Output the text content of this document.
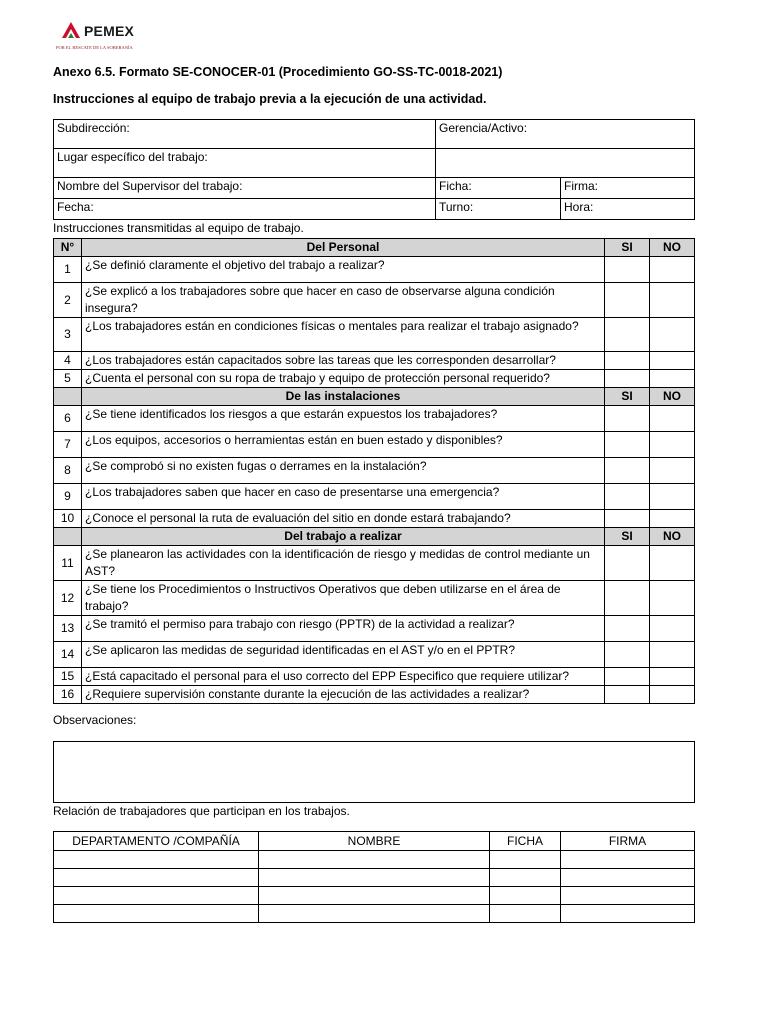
PEMEX
POR EL RESCATE DE LA SOBERANÍA
Anexo 6.5. Formato SE-CONOCER-01 (Procedimiento GO-SS-TC-0018-2021)
Instrucciones al equipo de trabajo previa a la ejecución de una actividad.
Subdirección:	Gerencia/Activo:	
Lugar específico del trabajo:		
Nombre del Supervisor del trabajo:	Ficha:	Firma:
Fecha:	Turno:	Hora:
Instrucciones transmitidas al equipo de trabajo.
N°	Del Personal	SI	NO
1	¿Se definió claramente el objetivo del trabajo a realizar?		
2	¿Se explicó a los trabajadores sobre que hacer en caso de observarse alguna condición insegura?		
3	¿Los trabajadores están en condiciones físicas o mentales para realizar el trabajo asignado?		
4	¿Los trabajadores están capacitados sobre las tareas que les corresponden desarrollar?		
5	¿Cuenta el personal con su ropa de trabajo y equipo de protección personal requerido?		
	De las instalaciones	SI	NO
6	¿Se tiene identificados los riesgos a que estarán expuestos los trabajadores?		
7	¿Los equipos, accesorios o herramientas están en buen estado y disponibles?		
8	¿Se comprobó si no existen fugas o derrames en la instalación?		
9	¿Los trabajadores saben que hacer en caso de presentarse una emergencia?		
10	¿Conoce el personal la ruta de evaluación del sitio en donde estará trabajando?		
	Del trabajo a realizar	SI	NO
11	¿Se planearon las actividades con la identificación de riesgo y medidas de control mediante un AST?		
12	¿Se tiene los Procedimientos o Instructivos Operativos que deben utilizarse en el área de trabajo?		
13	¿Se tramitó el permiso para trabajo con riesgo (PPTR) de la actividad a realizar?		
14	¿Se aplicaron las medidas de seguridad identificadas en el AST y/o en el PPTR?		
15	¿Está capacitado el personal para el uso correcto del EPP Especifico que requiere utilizar?		
16	¿Requiere supervisión constante durante la ejecución de las actividades a realizar?		
Observaciones:
Relación de trabajadores que participan en los trabajos.
DEPARTAMENTO /COMPAÑÍA	NOMBRE	FICHA	FIRMA
